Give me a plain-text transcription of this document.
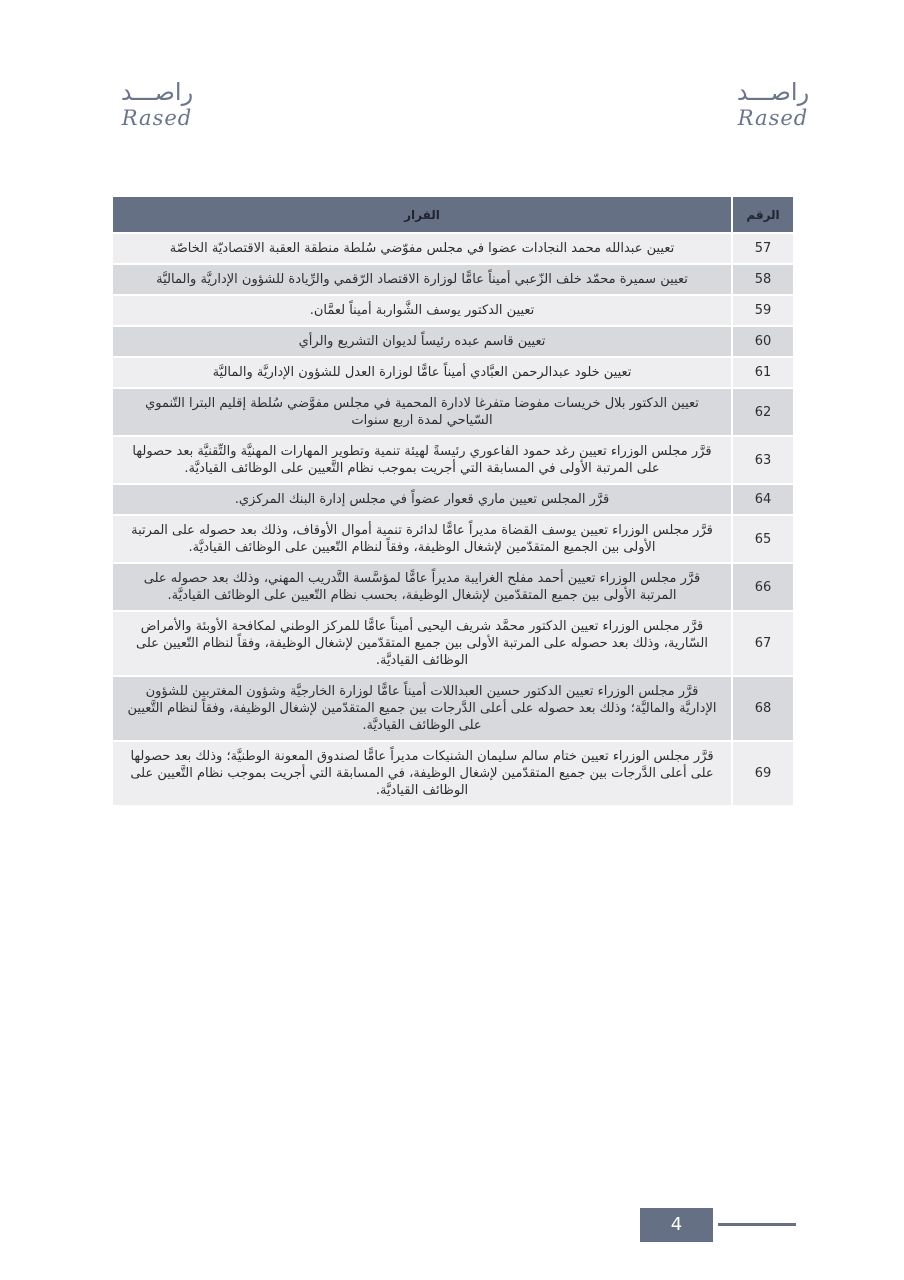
راصـــد
Rased
راصـــد
Rased
القرار	الرقم
تعيين عبدالله محمد النجادات عضوا في مجلس مفوّضي سُلطة منطقة العقبة الاقتصاديّة الخاصّة	57
تعيين سميرة محمّد خلف الزّعبي أميناً عامًّا لوزارة الاقتصاد الرّقمي والرِّيادة للشؤون الإداريَّة والماليَّة	58
تعيين الدكتور يوسف الشَّواربة أميناً لعمَّان.	59
تعيين قاسم عبده رئيساً لديوان التشريع والرأي	60
تعيين خلود عبدالرحمن العبَّادي أميناً عامًّا لوزارة العدل للشؤون الإداريَّة والماليَّة	61
تعيين الدكتور بلال خريسات مفوضا متفرغا لادارة المحمية في مجلس مفوَّضي سُلطة إقليم البترا التّنموي السّياحي لمدة اربع سنوات	62
قرَّر مجلس الوزراء تعيين رغد حمود الفاعوري رئيسةً لهيئة تنمية وتطوير المهارات المهنيَّة والتِّقنيَّة بعد حصولها على المرتبة الأولى في المسابقة التي أجريت بموجب نظام التَّعيين على الوظائف القياديَّة.	63
قرَّر المجلس تعيين ماري قعوار عضواً في مجلس إدارة البنك المركزي.	64
قرَّر مجلس الوزراء تعيين يوسف القضاة مديراً عامًّا لدائرة تنمية أموال الأوقاف، وذلك بعد حصوله على المرتبة الأولى بين الجميع المتقدّمين لإشغال الوظيفة، وفقاً لنظام التّعيين على الوظائف القياديَّة.	65
قرَّر مجلس الوزراء تعيين أحمد مفلح الغرايبة مديراً عامًّا لمؤسَّسة التَّدريب المهني، وذلك بعد حصوله على المرتبة الأولى بين جميع المتقدّمين لإشغال الوظيفة، بحسب نظام التّعيين على الوظائف القياديَّة.	66
قرَّر مجلس الوزراء تعيين الدكتور محمَّد شريف اليحيى أميناً عامًّا للمركز الوطني لمكافحة الأوبئة والأمراض السّارية، وذلك بعد حصوله على المرتبة الأولى بين جميع المتقدّمين لإشغال الوظيفة، وفقاً لنظام التّعيين على الوظائف القياديَّة.	67
قرَّر مجلس الوزراء تعيين الدكتور حسين العبداللات أميناً عامًّا لوزارة الخارجيَّة وشؤون المغتربين للشؤون الإداريَّة والماليَّة؛ وذلك بعد حصوله على أعلى الدَّرجات بين جميع المتقدّمين لإشغال الوظيفة، وفقاً لنظام التَّعيين على الوظائف القياديَّة.	68
قرَّر مجلس الوزراء تعيين ختام سالم سليمان الشنيكات مديراً عامًّا لصندوق المعونة الوطنيَّة؛ وذلك بعد حصولها على أعلى الدَّرجات بين جميع المتقدّمين لإشغال الوظيفة، في المسابقة التي أجريت بموجب نظام التَّعيين على الوظائف القياديَّة.	69
4
